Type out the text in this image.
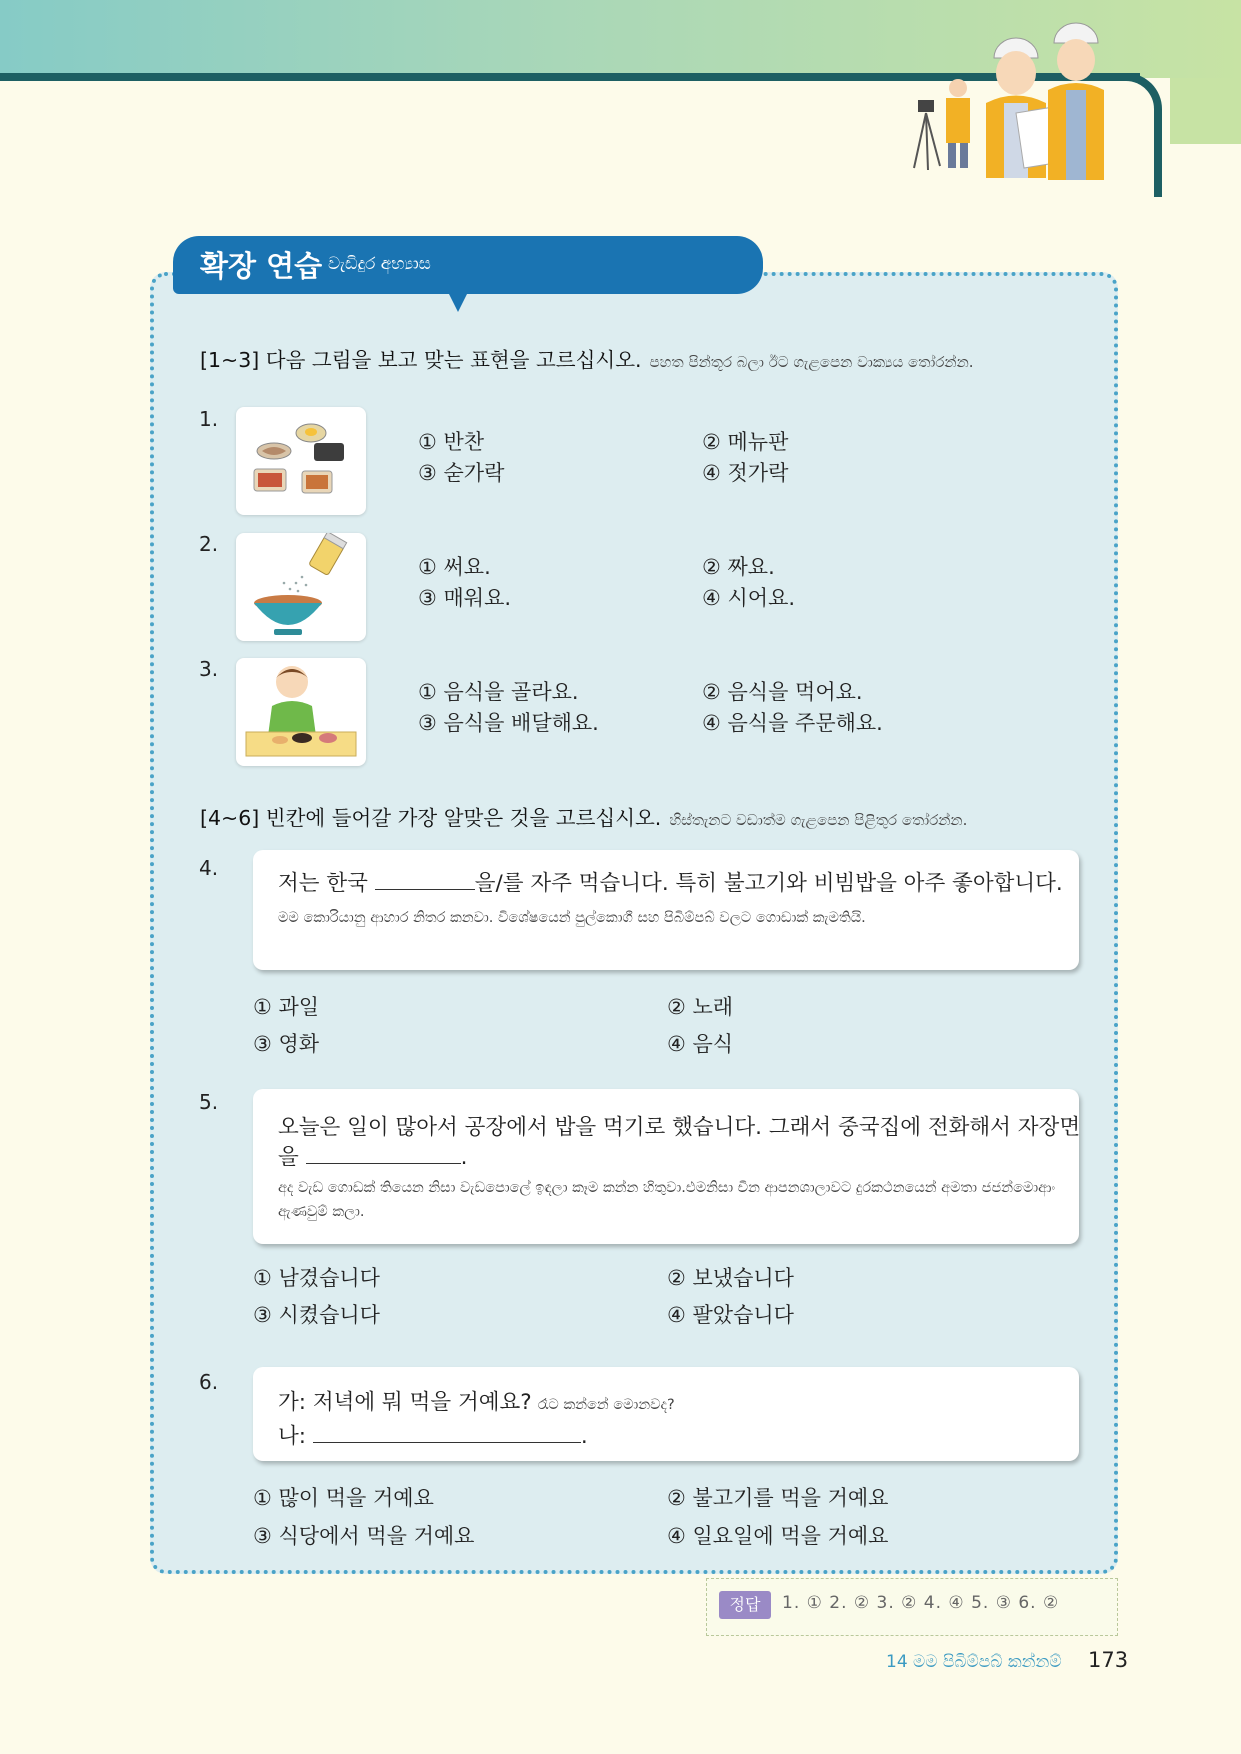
확장 연습 වැඩිදුර අභ්‍යාස
[1~3] 다음 그림을 보고 맞는 표현을 고르십시오. පහත පින්තූර බලා ඊට ගැළපෙන වාක්‍යය තෝරන්න.
1.
① 반찬	② 메뉴판
③ 숟가락	④ 젓가락
2.
① 써요.	② 짜요.
③ 매워요.	④ 시어요.
3.
① 음식을 골라요.	② 음식을 먹어요.
③ 음식을 배달해요.	④ 음식을 주문해요.
[4~6] 빈칸에 들어갈 가장 알맞은 것을 고르십시오. හිස්තැනට වඩාත්ම ගැළපෙන පිළිතුර තෝරන්න.
4.
저는 한국	을/를 자주 먹습니다. 특히 불고기와 비빔밥을 아주 좋아합니다.
මම කොරියානු ආහාර නිතර කනවා. විශේෂයෙන් පුල්කොගී සහ පිබිම්පබ් වලට ගොඩාක් කැමතියි.
① 과일	② 노래
③ 영화	④ 음식
5.
오늘은 일이 많아서 공장에서 밥을 먹기로 했습니다. 그래서 중국집에 전화해서 자장면
을	.
අද වැඩ ගොඩක් තියෙන නිසා වැඩපොලේ ඉඳලා කෑම කන්න හිතුවා.එමනිසා චීන ආපනශාලාවට දුරකථනයෙන් අමතා ජජන්මොආං ඇණවුම් කලා.
① 남겼습니다	② 보냈습니다
③ 시켰습니다	④ 팔았습니다
6.
가: 저녁에 뭐 먹을 거예요? රෑට කන්නේ මොනවද?
나:	.
① 많이 먹을 거예요	② 불고기를 먹을 거예요
③ 식당에서 먹을 거예요	④ 일요일에 먹을 거예요
정답	1. ① 2. ② 3. ② 4. ④ 5. ③ 6. ②
14 මම පිබිම්පබ් කන්නම් 173
